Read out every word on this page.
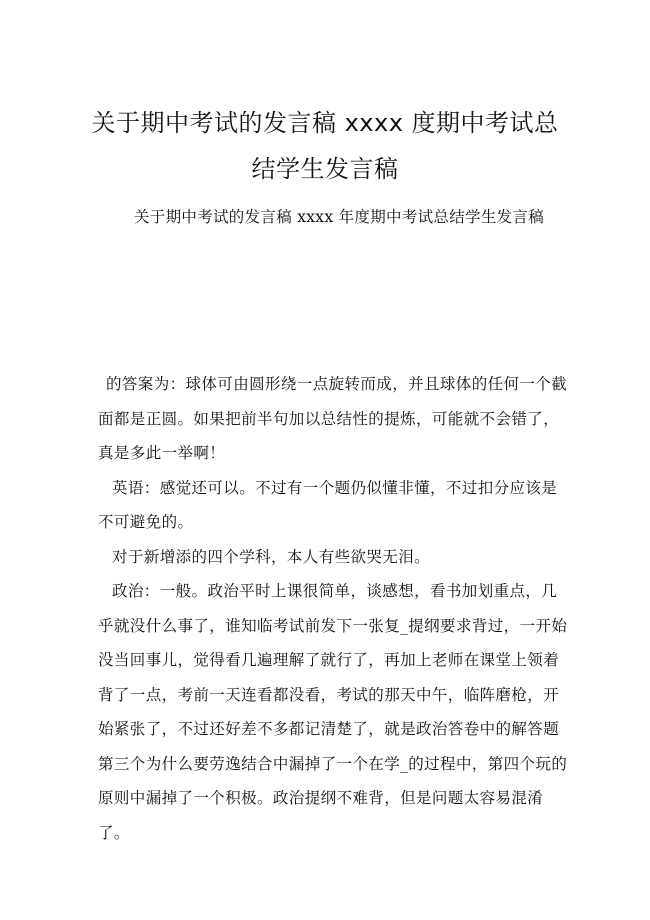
关于期中考试的发言稿 xxxx 度期中考试总结学生发言稿

关于期中考试的发言稿 xxxx 年度期中考试总结学生发言稿

的答案为：球体可由圆形绕一点旋转而成，并且球体的任何一个截面都是正圆。如果把前半句加以总结性的提炼，可能就不会错了，真是多此一举啊！

英语：感觉还可以。不过有一个题仍似懂非懂，不过扣分应该是不可避免的。

对于新增添的四个学科，本人有些欲哭无泪。

政治：一般。政治平时上课很简单，谈感想，看书加划重点，几乎就没什么事了，谁知临考试前发下一张复_提纲要求背过，一开始没当回事儿，觉得看几遍理解了就行了，再加上老师在课堂上领着背了一点，考前一天连看都没看，考试的那天中午，临阵磨枪，开始紧张了，不过还好差不多都记清楚了，就是政治答卷中的解答题第三个为什么要劳逸结合中漏掉了一个在学_的过程中，第四个玩的原则中漏掉了一个积极。政治提纲不难背，但是问题太容易混淆了。
